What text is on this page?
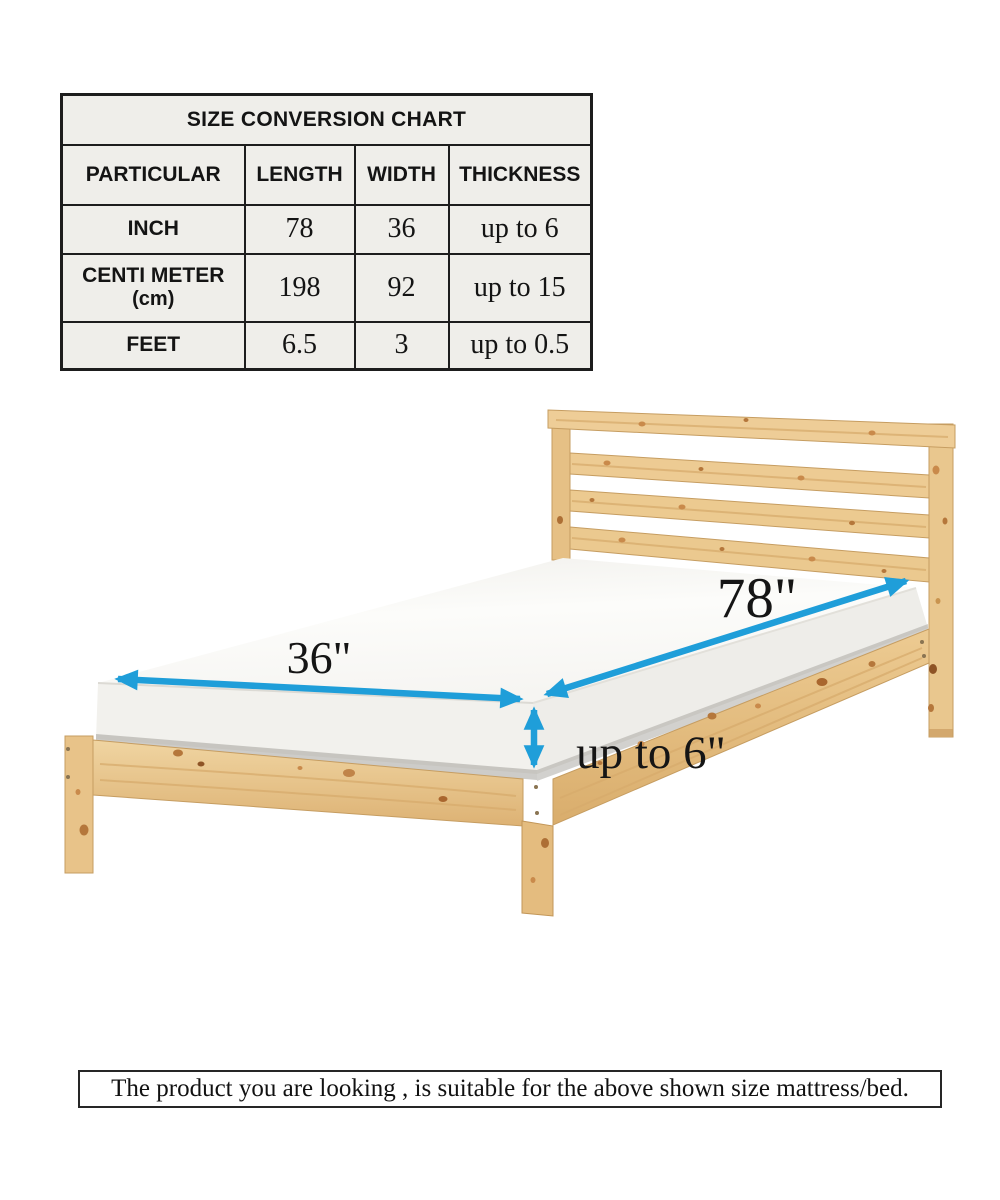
SIZE CONVERSION CHART			
PARTICULAR	LENGTH	WIDTH	THICKNESS
INCH	78	36	up to 6

CENTI METER
(cm)	198	92	up to 15
FEET	6.5	3	up to 0.5
36"
78"
up to 6"
The product you are looking , is suitable for the above shown size mattress/bed.
